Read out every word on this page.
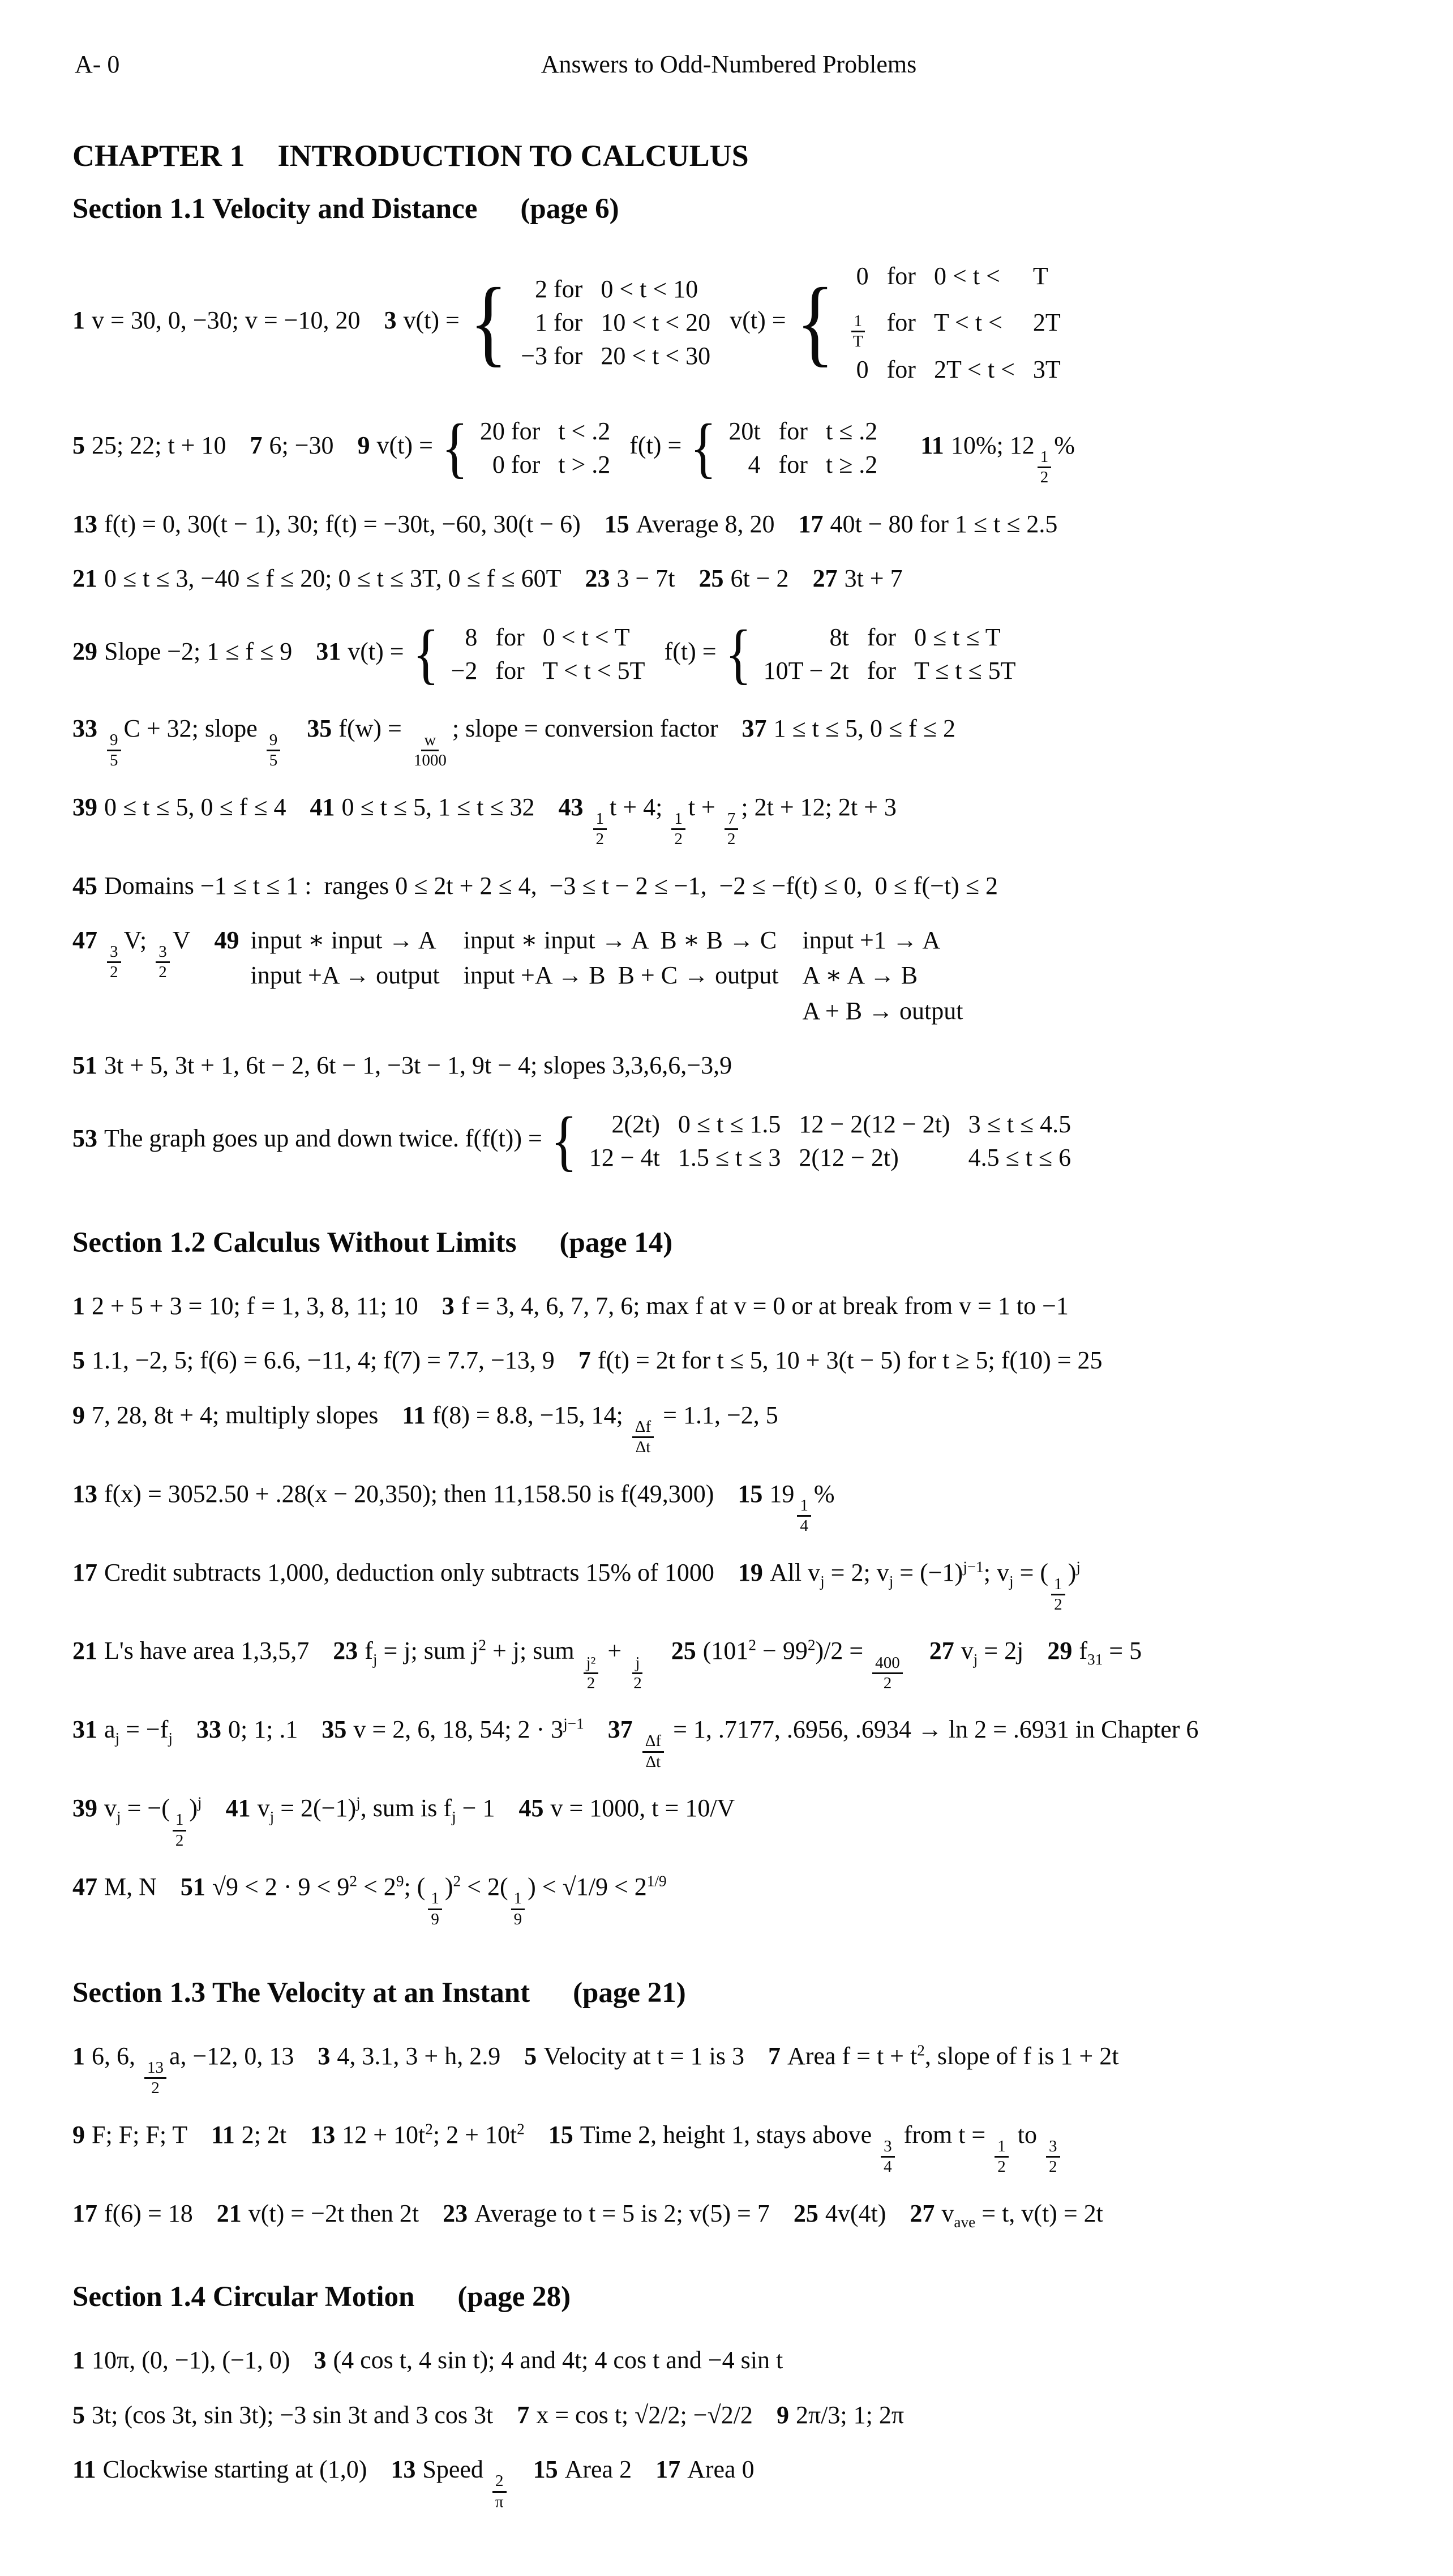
A- 0	Answers to Odd-Numbered Problems
CHAPTER 1 INTRODUCTION TO CALCULUS
Section 1.1 Velocity and Distance (page 6)
1 v = 30, 0, −30; v = −10, 20 3 v(t) = { 2 for	0 < t < 10
1 for	10 < t < 20
−3 for	20 < t < 30
v(t) = { 0	for	0 < t <	T

$\frac{1}{T}$	for	T < t <	2T
0	for	2T < t <	3T
5 25; 22; t + 10 7 6; −30 9 v(t) = { 20 for	t < .2
0 for	t > .2
f(t) = { 20t	for	t ≤ .2
4	for	t ≥ .2
11 10%; 12
$\frac{1}{2}$
%
13 f(t) = 0, 30(t − 1), 30; f(t) = −30t, −60, 30(t − 6) 15 Average 8, 20 17 40t − 80 for 1 ≤ t ≤ 2.5
21 0 ≤ t ≤ 3, −40 ≤ f ≤ 20; 0 ≤ t ≤ 3T, 0 ≤ f ≤ 60T 23 3 − 7t 25 6t − 2 27 3t + 7
29 Slope −2; 1 ≤ f ≤ 9 31 v(t) = { 8	for	0 < t < T
−2	for	T < t < 5T
f(t) = {	8t	for	0 ≤ t ≤ T
10T − 2t	for	T ≤ t ≤ 5T
33
$\frac{9}{5}$
C + 32; slope
$\frac{9}{5}$
35 f(w) =
$\frac{w}{1000}$
; slope = conversion factor 37 1 ≤ t ≤ 5, 0 ≤ f ≤ 2
39 0 ≤ t ≤ 5, 0 ≤ f ≤ 4 41 0 ≤ t ≤ 5, 1 ≤ t ≤ 32 43
$\frac{1}{2}$
t + 4;
$\frac{1}{2}$
t +
$\frac{7}{2}$
; 2t + 12; 2t + 3
45 Domains −1 ≤ t ≤ 1 :  ranges 0 ≤ 2t + 2 ≤ 4,  −3 ≤ t − 2 ≤ −1,  −2 ≤ −f(t) ≤ 0,  0 ≤ f(−t) ≤ 2
47
$\frac{3}{2}$
V;
$\frac{3}{2}$
V 49 input ∗ input → A
input +A → output
input ∗ input → A  B ∗ B → C
input +A → B  B + C → output
input +1 → A
A ∗ A → B
A + B → output
51 3t + 5, 3t + 1, 6t − 2, 6t − 1, −3t − 1, 9t − 4; slopes 3,3,6,6,−3,9
53 The graph goes up and down twice. f(f(t)) = { 2(2t)	0 ≤ t ≤ 1.5	12 − 2(12 − 2t)	3 ≤ t ≤ 4.5
12 − 4t	1.5 ≤ t ≤ 3	2(12 − 2t)	4.5 ≤ t ≤ 6
Section 1.2 Calculus Without Limits (page 14)
1 2 + 5 + 3 = 10; f = 1, 3, 8, 11; 10 3 f = 3, 4, 6, 7, 7, 6; max f at v = 0 or at break from v = 1 to −1
5 1.1, −2, 5; f(6) = 6.6, −11, 4; f(7) = 7.7, −13, 9 7 f(t) = 2t for t ≤ 5, 10 + 3(t − 5) for t ≥ 5; f(10) = 25
9 7, 28, 8t + 4; multiply slopes 11 f(8) = 8.8, −15, 14;
$\frac{\Delta f}{\Delta t}$
= 1.1, −2, 5
13 f(x) = 3052.50 + .28(x − 20,350); then 11,158.50 is f(49,300) 15 19
$\frac{1}{4}$
%
17 Credit subtracts 1,000, deduction only subtracts 15% of 1000 19 All $v_j = 2$; $v_j = (-1)^{j-1}$; $v_j$ = (
$\frac{1}{2}$
)$^j$
21 L's have area 1,3,5,7 23 $f_j = j$; sum $j^2 + j$; sum
$\frac{\text{j²}}{2}$
+
$\frac{j}{2}$
25 $(101^2 - 99^2)/2$ =
$\frac{400}{2}$
27 $v_j = 2j$ 29 $f_{31} = 5$
31 $a_j = -f_j$ 33 0; 1; .1 35 v = 2, 6, 18, 54; $2 \cdot 3^{j-1}$ 37
$\frac{\Delta f}{\Delta t}$
= 1, .7177, .6956, .6934 → ln 2 = .6931 in Chapter 6
39 $v_j$ = −(
$\frac{1}{2}$
)$^j$ 41 $v_j = 2(-1)^j$, sum is $f_j - 1$ 45 v = 1000, t = 10/V
47 M, N 51 $√9 < 2 \cdot 9 < 9^2 < 2^9$; (
$\frac{1}{9}$
)$^2$ < 2(
$\frac{1}{9}$
) < $√1/9 < 2^{1/9}$
Section 1.3 The Velocity at an Instant (page 21)
1 6, 6,
$\frac{13}{2}$
a, −12, 0, 13 3 4, 3.1, 3 + h, 2.9 5 Velocity at t = 1 is 3 7 Area $f = t + t^2$, slope of f is 1 + 2t
9 F; F; F; T 11 2; 2t 13 $12 + 10t^2$; $2 + 10t^2$ 15 Time 2, height 1, stays above
$\frac{3}{4}$
from t =
$\frac{1}{2}$
to
$\frac{3}{2}$
17 f(6) = 18 21 v(t) = −2t then 2t 23 Average to t = 5 is 2; v(5) = 7 25 4v(4t) 27 $v_{ave} = t$, v(t) = 2t
Section 1.4 Circular Motion (page 28)
1 10π, (0, −1), (−1, 0) 3 (4 cos t, 4 sin t); 4 and 4t; 4 cos t and −4 sin t
5 3t; (cos 3t, sin 3t); −3 sin 3t and 3 cos 3t 7 x = cos t; √2/2; −√2/2 9 2π/3; 1; 2π
11 Clockwise starting at (1,0) 13 Speed
$\frac{2}{\pi}$
15 Area 2 17 Area 0
